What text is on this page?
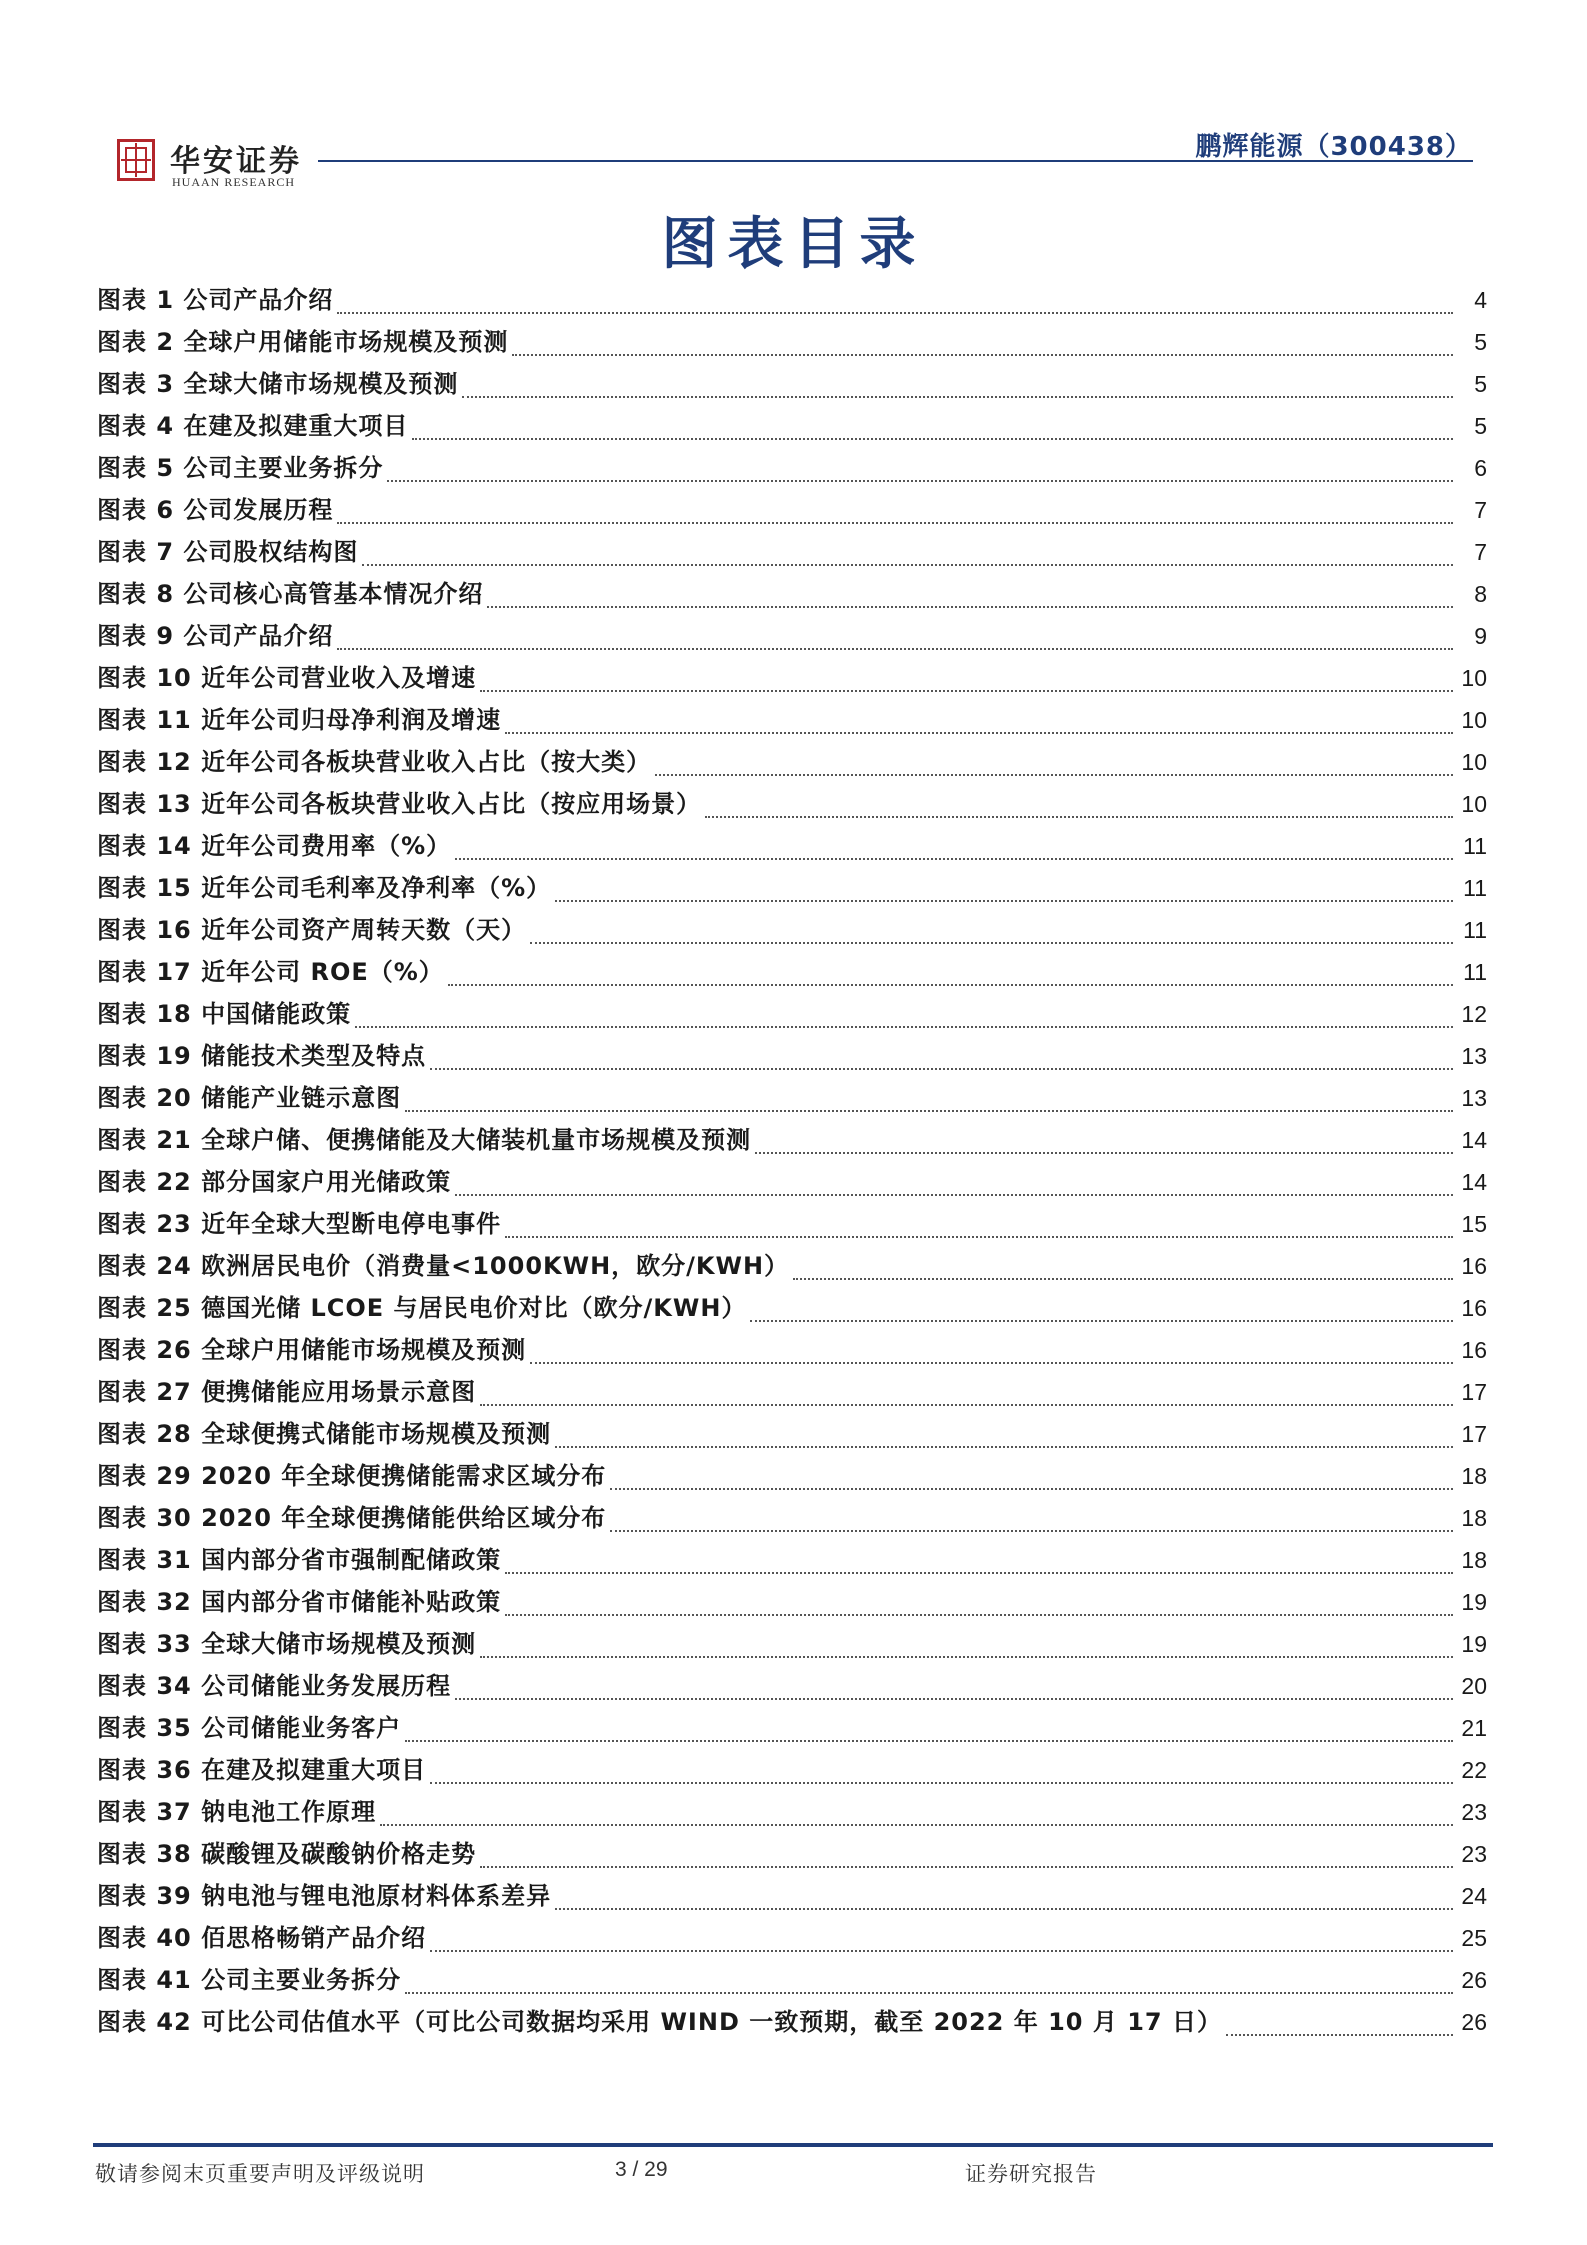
华安证券
HUAAN RESEARCH
鹏辉能源（300438）
图表目录
图表 1 公司产品介绍	4
图表 2 全球户用储能市场规模及预测	5
图表 3 全球大储市场规模及预测	5
图表 4 在建及拟建重大项目	5
图表 5 公司主要业务拆分	6
图表 6 公司发展历程	7
图表 7 公司股权结构图	7
图表 8 公司核心高管基本情况介绍	8
图表 9 公司产品介绍	9
图表 10 近年公司营业收入及增速	10
图表 11 近年公司归母净利润及增速	10
图表 12 近年公司各板块营业收入占比（按大类）	10
图表 13 近年公司各板块营业收入占比（按应用场景）	10
图表 14 近年公司费用率（%）	11
图表 15 近年公司毛利率及净利率（%）	11
图表 16 近年公司资产周转天数（天）	11
图表 17 近年公司 ROE（%）	11
图表 18 中国储能政策	12
图表 19 储能技术类型及特点	13
图表 20 储能产业链示意图	13
图表 21 全球户储、便携储能及大储装机量市场规模及预测	14
图表 22 部分国家户用光储政策	14
图表 23 近年全球大型断电停电事件	15
图表 24 欧洲居民电价（消费量<1000KWH，欧分/KWH）	16
图表 25 德国光储 LCOE 与居民电价对比（欧分/KWH）	16
图表 26 全球户用储能市场规模及预测	16
图表 27 便携储能应用场景示意图	17
图表 28 全球便携式储能市场规模及预测	17
图表 29 2020 年全球便携储能需求区域分布	18
图表 30 2020 年全球便携储能供给区域分布	18
图表 31 国内部分省市强制配储政策	18
图表 32 国内部分省市储能补贴政策	19
图表 33 全球大储市场规模及预测	19
图表 34 公司储能业务发展历程	20
图表 35 公司储能业务客户	21
图表 36 在建及拟建重大项目	22
图表 37 钠电池工作原理	23
图表 38 碳酸锂及碳酸钠价格走势	23
图表 39 钠电池与锂电池原材料体系差异	24
图表 40 佰思格畅销产品介绍	25
图表 41 公司主要业务拆分	26
图表 42 可比公司估值水平（可比公司数据均采用 WIND 一致预期，截至 2022 年 10 月 17 日）	26
敬请参阅末页重要声明及评级说明	3 / 29	证券研究报告
